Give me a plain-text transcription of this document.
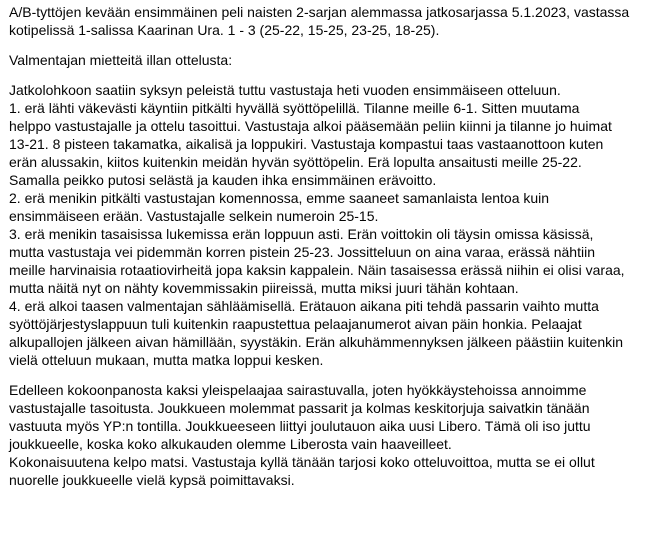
A/B-tyttöjen kevään ensimmäinen peli naisten 2-sarjan alemmassa jatkosarjassa 5.1.2023, vastassa
kotipelissä 1-salissa Kaarinan Ura. 1 - 3 (25-22, 15-25, 23-25, 18-25).
Valmentajan mietteitä illan ottelusta:
Jatkolohkoon saatiin syksyn peleistä tuttu vastustaja heti vuoden ensimmäiseen otteluun.
1. erä lähti väkevästi käyntiin pitkälti hyvällä syöttöpelillä. Tilanne meille 6-1. Sitten muutama
helppo vastustajalle ja ottelu tasoittui. Vastustaja alkoi pääsemään peliin kiinni ja tilanne jo huimat
13-21. 8 pisteen takamatka, aikalisä ja loppukiri. Vastustaja kompastui taas vastaanottoon kuten
erän alussakin, kiitos kuitenkin meidän hyvän syöttöpelin. Erä lopulta ansaitusti meille 25-22.
Samalla peikko putosi selästä ja kauden ihka ensimmäinen erävoitto.
2. erä menikin pitkälti vastustajan komennossa, emme saaneet samanlaista lentoa kuin
ensimmäiseen erään. Vastustajalle selkein numeroin 25-15.
3. erä menikin tasaisissa lukemissa erän loppuun asti. Erän voittokin oli täysin omissa käsissä,
mutta vastustaja vei pidemmän korren pistein 25-23. Jossitteluun on aina varaa, erässä nähtiin
meille harvinaisia rotaatiovirheitä jopa kaksin kappalein. Näin tasaisessa erässä niihin ei olisi varaa,
mutta näitä nyt on nähty kovemmissakin piireissä, mutta miksi juuri tähän kohtaan.
4. erä alkoi taasen valmentajan sähläämisellä. Erätauon aikana piti tehdä passarin vaihto mutta
syöttöjärjestyslappuun tuli kuitenkin raapustettua pelaajanumerot aivan päin honkia. Pelaajat
alkupallojen jälkeen aivan hämillään, syystäkin. Erän alkuhämmennyksen jälkeen päästiin kuitenkin
vielä otteluun mukaan, mutta matka loppui kesken.
Edelleen kokoonpanosta kaksi yleispelaajaa sairastuvalla, joten hyökkäystehoissa annoimme
vastustajalle tasoitusta. Joukkueen molemmat passarit ja kolmas keskitorjuja saivatkin tänään
vastuuta myös YP:n tontilla. Joukkueeseen liittyi joulutauon aika uusi Libero. Tämä oli iso juttu
joukkueelle, koska koko alkukauden olemme Liberosta vain haaveilleet.
Kokonaisuutena kelpo matsi. Vastustaja kyllä tänään tarjosi koko otteluvoittoa, mutta se ei ollut
nuorelle joukkueelle vielä kypsä poimittavaksi.
